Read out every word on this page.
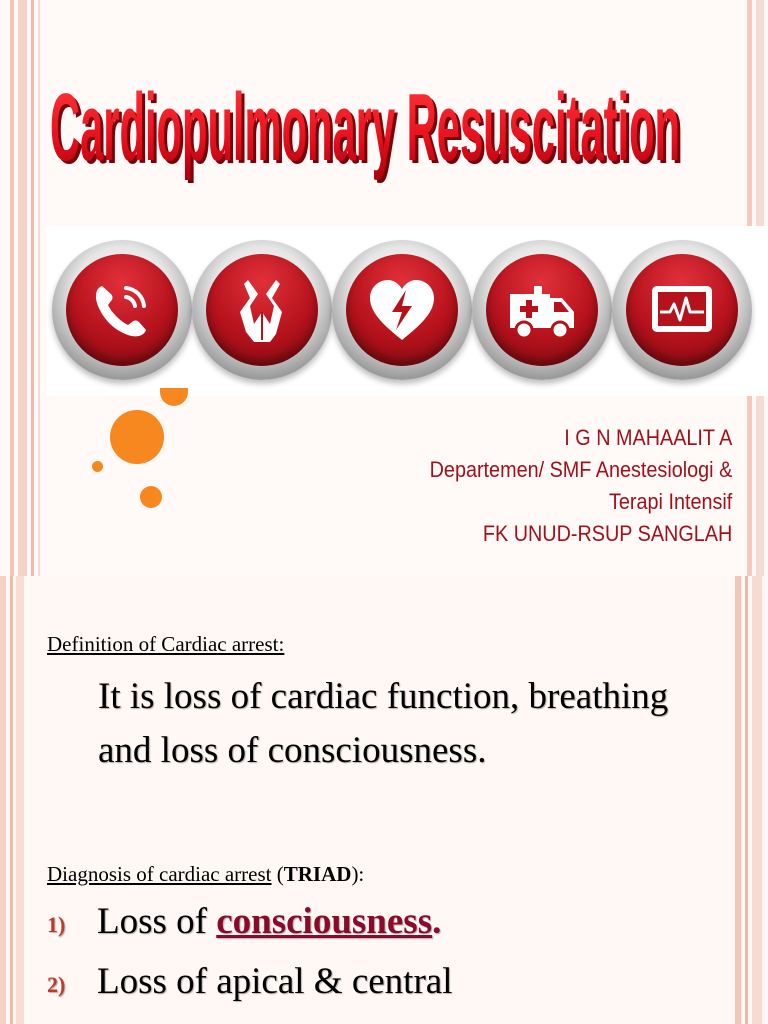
Cardiopulmonary Resuscitation
Cardiopulmonary Resuscitation
I G N MAHAALIT A
Departemen/ SMF Anestesiologi &
Terapi Intensif
FK UNUD-RSUP SANGLAH
Definition of Cardiac arrest:
It is loss of cardiac function, breathing and loss of consciousness.
Diagnosis of cardiac arrest (TRIAD):
1) Loss of consciousness.
2) Loss of apical & central
